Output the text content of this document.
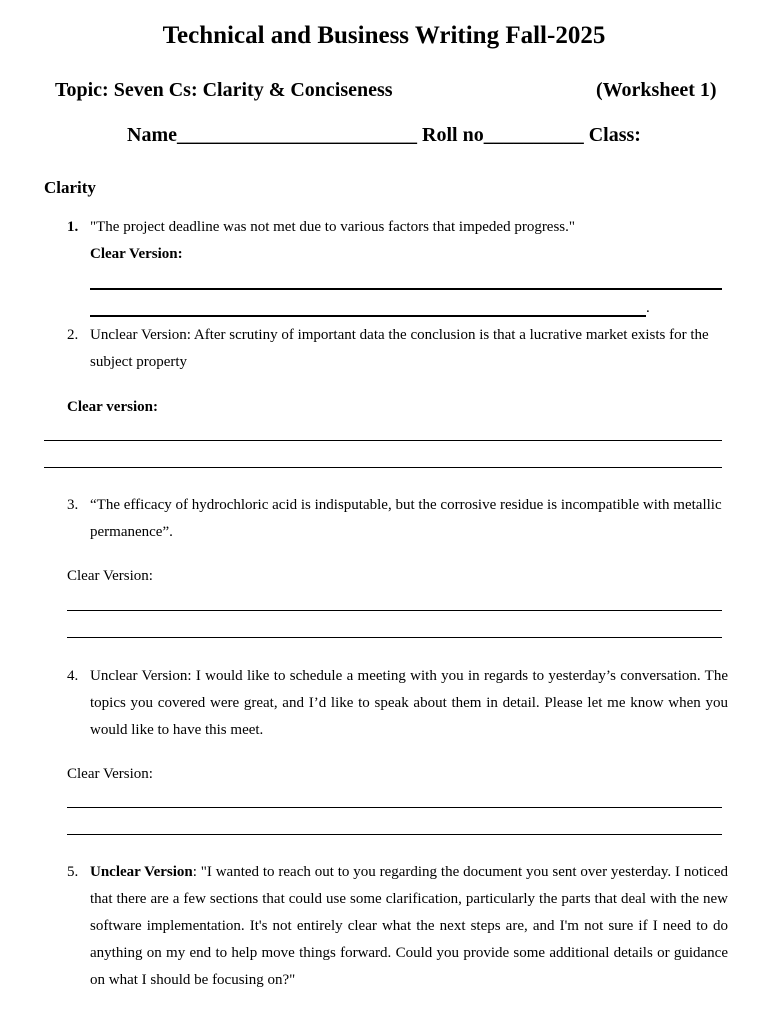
Technical and Business Writing Fall-2025
Topic: Seven Cs: Clarity & Conciseness	(Worksheet 1)
Name________________________ Roll no__________ Class:
Clarity
1. "The project deadline was not met due to various factors that impeded progress."
Clear Version:
.
2. Unclear Version: After scrutiny of important data the conclusion is that a lucrative market exists for the subject property
Clear version:
3. “The efficacy of hydrochloric acid is indisputable, but the corrosive residue is incompatible with metallic permanence”.
Clear Version:
4. Unclear Version: I would like to schedule a meeting with you in regards to yesterday’s conversation. The topics you covered were great, and I’d like to speak about them in detail. Please let me know when you would like to have this meet.
Clear Version:
5. Unclear Version: "I wanted to reach out to you regarding the document you sent over yesterday. I noticed that there are a few sections that could use some clarification, particularly the parts that deal with the new software implementation. It's not entirely clear what the next steps are, and I'm not sure if I need to do anything on my end to help move things forward. Could you provide some additional details or guidance on what I should be focusing on?"
